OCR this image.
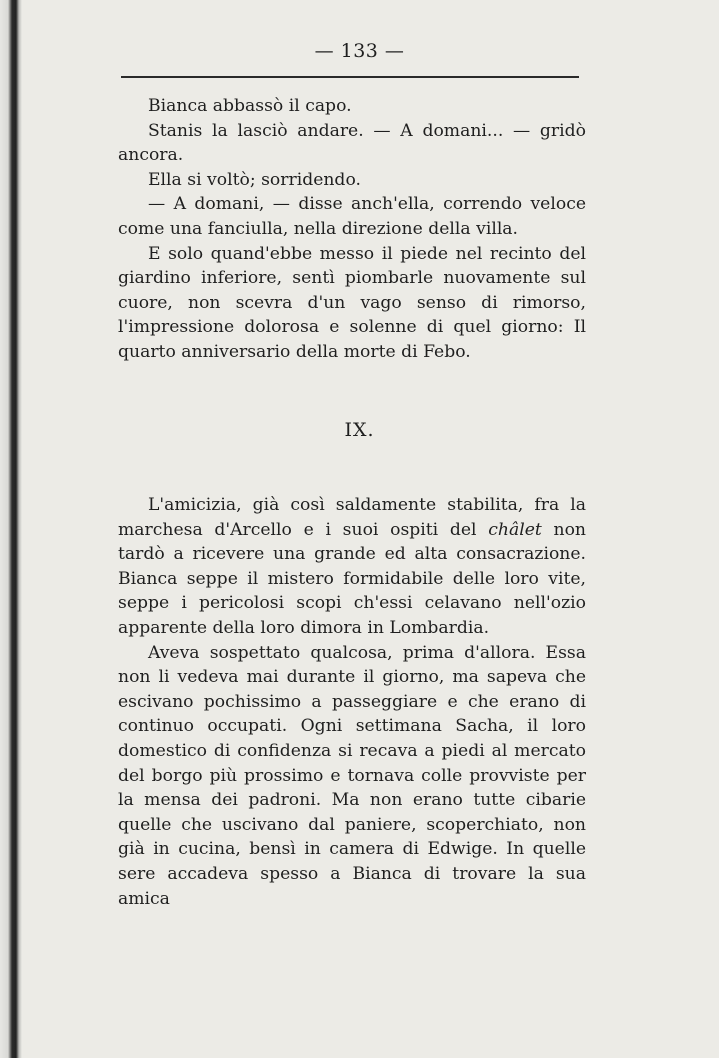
— 133 —

Bianca abbassò il capo.

Stanis la lasciò andare. — A domani... — gridò ancora.

Ella si voltò; sorridendo.

— A domani, — disse anch'ella, correndo veloce come una fanciulla, nella direzione della villa.

E solo quand'ebbe messo il piede nel recinto del giardino inferiore, sentì piombarle nuovamente sul cuore, non scevra d'un vago senso di rimorso, l'impressione dolorosa e solenne di quel giorno: Il quarto anniversario della morte di Febo.

IX.

L'amicizia, già così saldamente stabilita, fra la marchesa d'Arcello e i suoi ospiti del châlet non tardò a ricevere una grande ed alta consacrazione. Bianca seppe il mistero formidabile delle loro vite, seppe i pericolosi scopi ch'essi celavano nell'ozio apparente della loro dimora in Lombardia.

Aveva sospettato qualcosa, prima d'allora. Essa non li vedeva mai durante il giorno, ma sapeva che escivano pochissimo a passeggiare e che erano di continuo occupati. Ogni settimana Sacha, il loro domestico di confidenza si recava a piedi al mercato del borgo più prossimo e tornava colle provviste per la mensa dei padroni. Ma non erano tutte cibarie quelle che uscivano dal paniere, scoperchiato, non già in cucina, bensì in camera di Edwige. In quelle sere accadeva spesso a Bianca di trovare la sua amica
